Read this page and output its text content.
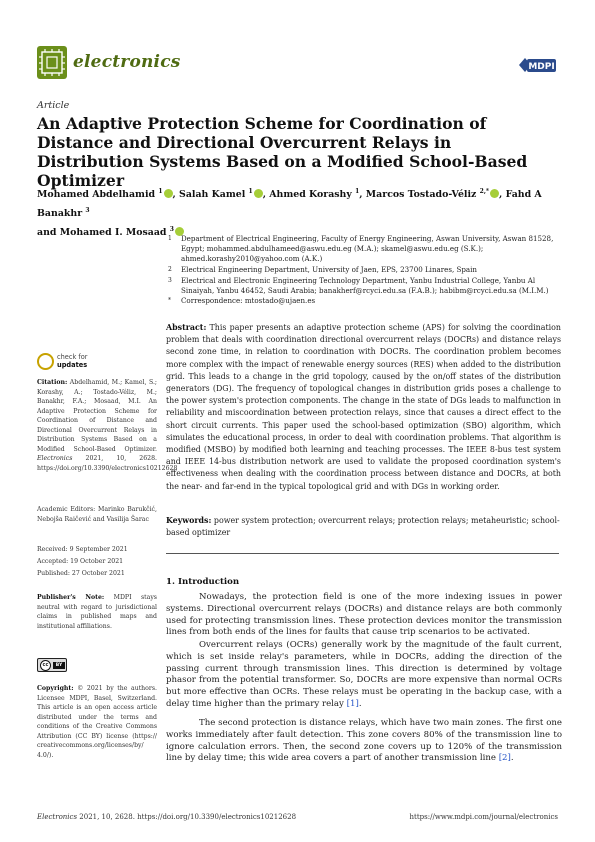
electronics	MDPI
Article
An Adaptive Protection Scheme for Coordination of Distance and Directional Overcurrent Relays in Distribution Systems Based on a Modified School-Based Optimizer
Mohamed Abdelhamid $^1$ , Salah Kamel $^1$ , Ahmed Korashy $^1$, Marcos Tostado-Véliz $^{2,*}$ , Fahd A Banakhr $^3$
and Mohamed I. Mosaad $^3$
1 Department of Electrical Engineering, Faculty of Energy Engineering, Aswan University, Aswan 81528, Egypt; mohammed.abdulhameed@aswu.edu.eg (M.A.); skamel@aswu.edu.eg (S.K.); ahmed.korashy2010@yahoo.com (A.K.)
2 Electrical Engineering Department, University of Jaen, EPS, 23700 Linares, Spain
3 Electrical and Electronic Engineering Technology Department, Yanbu Industrial College, Yanbu Al Sinaiyah, Yanbu 46452, Saudi Arabia; banakherf@rcyci.edu.sa (F.A.B.); habibm@rcyci.edu.sa (M.I.M.)
* Correspondence: mtostado@ujaen.es
Abstract: This paper presents an adaptive protection scheme (APS) for solving the coordination problem that deals with coordination directional overcurrent relays (DOCRs) and distance relays second zone time, in relation to coordination with DOCRs. The coordination problem becomes more complex with the impact of renewable energy sources (RES) when added to the distribution grid. This leads to a change in the grid topology, caused by the on/off states of the distribution generators (DG). The frequency of topological changes in distribution grids poses a challenge to the power system's protection components. The change in the state of DGs leads to malfunction in reliability and miscoordination between protection relays, since that causes a direct effect to the short circuit currents. This paper used the school-based optimization (SBO) algorithm, which simulates the educational process, in order to deal with coordination problems. That algorithm is modified (MSBO) by modified both learning and teaching processes. The IEEE 8-bus test system and IEEE 14-bus distribution network are used to validate the proposed coordination system's effectiveness when dealing with the coordination process between distance and DOCRs, at both the near- and far-end in the typical topological grid and with DGs in working order.
Keywords: power system protection; overcurrent relays; protection relays; metaheuristic; school-based optimizer
check for
updates
Citation: Abdelhamid, M.; Kamel, S.; Korashy, A.; Tostado-Véliz, M.; Banakhr, F.A.; Mosaad, M.I. An Adaptive Protection Scheme for Coordination of Distance and Directional Overcurrent Relays in Distribution Systems Based on a Modified School-Based Optimizer. Electronics 2021, 10, 2628. https://doi.org/10.3390/electronics10212628
Academic Editors: Marinko Barukčić, Nebojša Raičević and Vasilija Šarac
Received: 9 September 2021
Accepted: 19 October 2021
Published: 27 October 2021
Publisher's Note: MDPI stays neutral with regard to jurisdictional claims in published maps and institutional affiliations.
cc	BY
Copyright: © 2021 by the authors. Licensee MDPI, Basel, Switzerland. This article is an open access article distributed under the terms and conditions of the Creative Commons Attribution (CC BY) license (https:// creativecommons.org/licenses/by/ 4.0/).
1. Introduction

Nowadays, the protection field is one of the more indexing issues in power systems. Directional overcurrent relays (DOCRs) and distance relays are both commonly used for protecting transmission lines. These protection devices monitor the transmission lines from both ends of the lines for faults that cause trip scenarios to be activated.

Overcurrent relays (OCRs) generally work by the magnitude of the fault current, which is set inside relay's parameters, while in DOCRs, adding the direction of the passing current through transmission lines. This direction is determined by voltage phasor from the potential transformer. So, DOCRs are more expensive than normal OCRs but more effective than OCRs. These relays must be operating in the backup case, with a delay time higher than the primary relay [1].

The second protection is distance relays, which have two main zones. The first one works immediately after fault detection. This zone covers 80% of the transmission line to ignore calculation errors. Then, the second zone covers up to 120% of the transmission line by delay time; this wide area covers a part of another transmission line [2].

Electronics 2021, 10, 2628. https://doi.org/10.3390/electronics10212628	https://www.mdpi.com/journal/electronics
